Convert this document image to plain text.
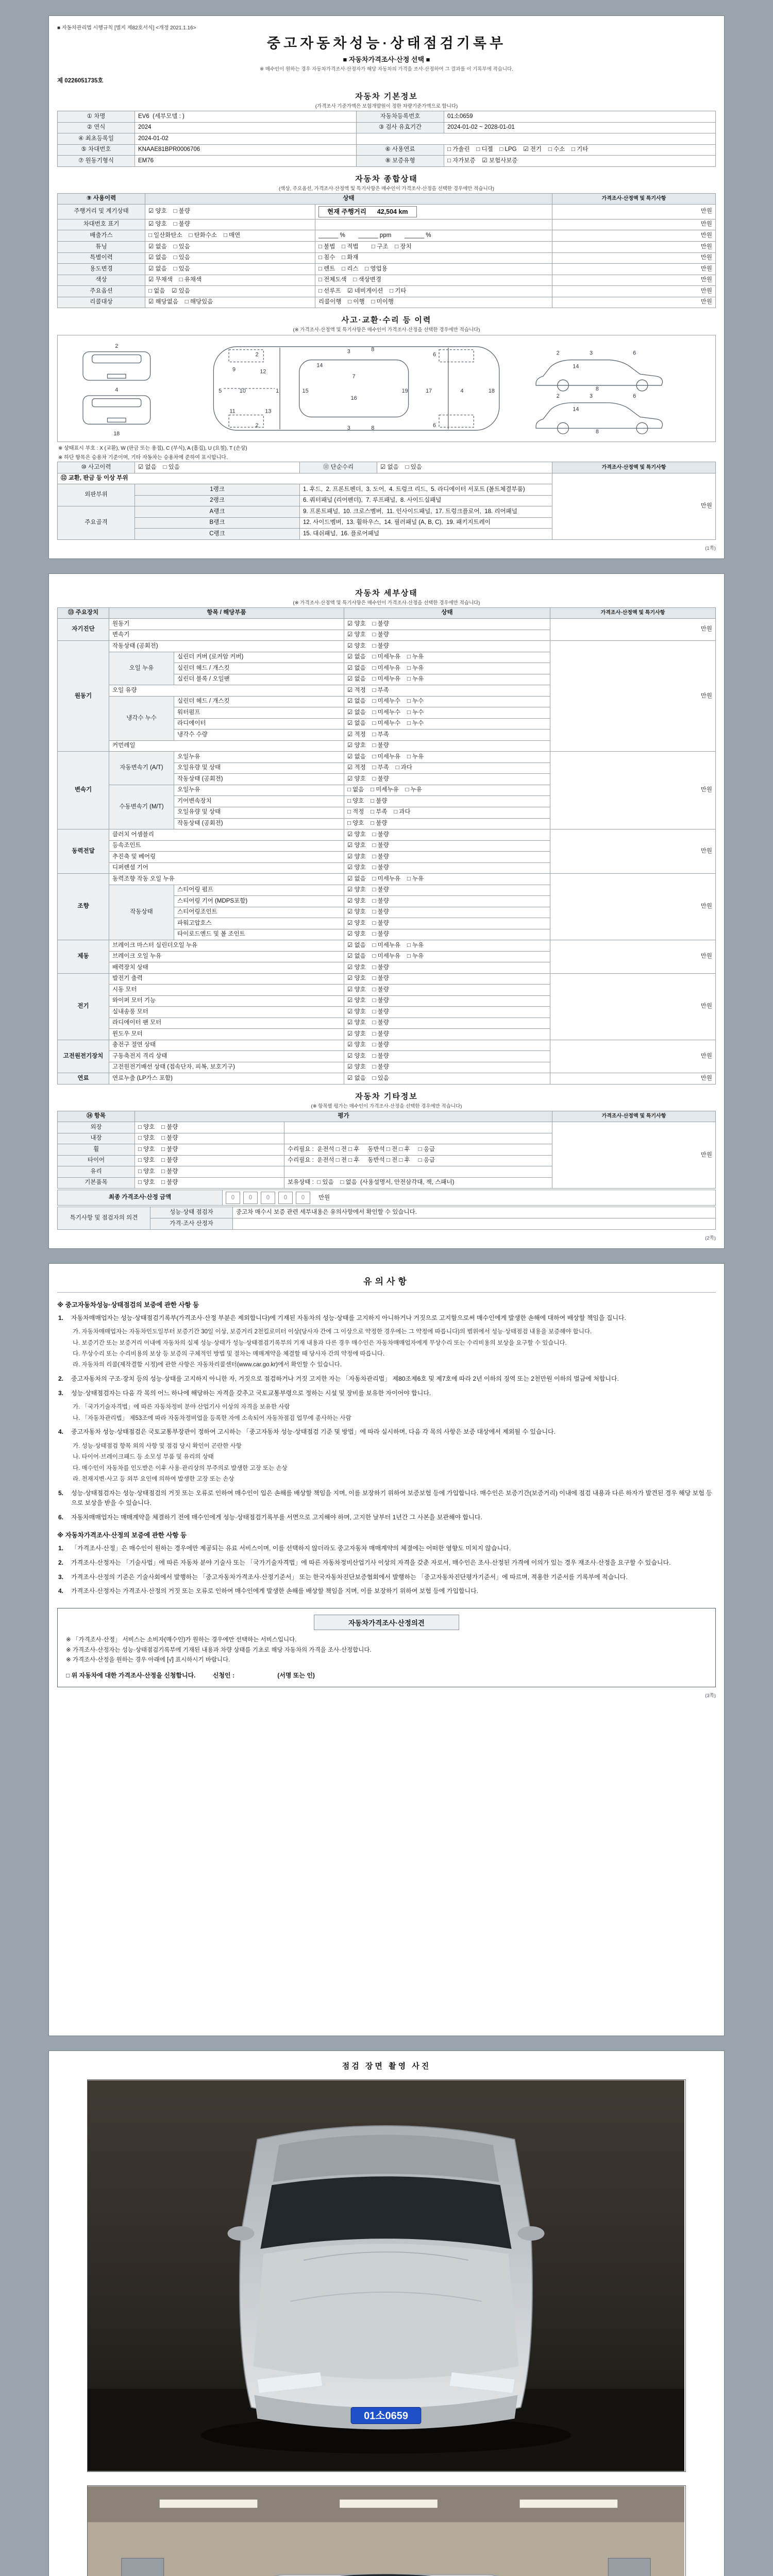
■ 자동차관리법 시행규칙 [별지 제82호서식] <개정 2021.1.16>
중고자동차성능·상태점검기록부
■ 자동차가격조사·산정 선택 ■
※ 매수인이 원하는 경우 자동차가격조사·산정자가 해당 자동차의 가격을 조사·산정하여 그 결과를 이 기록부에 적습니다.
제 0226051735호
자동차 기본정보
(가격조사 기준가액은 보험개발원이 정한 차량기준가액으로 합니다)
① 차명	EV6  (세부모델 : )	자동차등록번호	01소0659
② 연식	2024	③ 검사 유효기간	2024-01-02 ~ 2028-01-01
④ 최초등록일	2024-01-02		
⑤ 차대번호	KNAAE81BPR0006706	⑥ 사용연료	□ 가솔린    □ 디젤    □ LPG    ☑ 전기    □ 수소    □ 기타
⑦ 원동기형식	EM76	⑧ 보증유형	□ 자가보증    ☑ 보험사보증
자동차 종합상태
(색상, 주요옵션, 가격조사·산정액 및 특기사항은 매수인이 가격조사·산정을 선택한 경우에만 적습니다)
⑨ 사용이력	상태		가격조사·산정액 및 특기사항
주행거리 및 계기상태	☑ 양호    □ 불량	현재 주행거리      42,504 km	만원
차대번호 표기	☑ 양호    □ 불량		만원
배출가스	□ 일산화탄소    □ 탄화수소    □ 매연	______ %        ______ ppm        ______ %	만원
튜닝	☑ 없음    □ 있음	□ 불법    □ 적법        □ 구조    □ 장치	만원
특별이력	☑ 없음    □ 있음	□ 침수    □ 화재	만원
용도변경	☑ 없음    □ 있음	□ 렌트    □ 리스    □ 영업용	만원
색상	☑ 무채색    □ 유채색	□ 전체도색    □ 색상변경	만원
주요옵션	□ 없음    ☑ 있음	□ 선루프    ☑ 네비게이션    □ 기타	만원
리콜대상	☑ 해당없음    □ 해당있음	리콜이행    □ 이행    □ 미이행	만원
사고·교환·수리 등 이력
(※ 가격조사·산정액 및 특기사항은 매수인이 가격조사·산정을 선택한 경우에만 적습니다)
1
2
2
3
3
4
5
6
6
7
8
8
9
10
11
12
13
14
15
16
17	18
19
2
4
18
2	3	6
14
8
2	3	6
14
8
※ 상태표시 부호 : X (교환), W (판금 또는 용접), C (부식), A (흠집), U (요철), T (손상)
※ 하단 항목은 승용차 기준이며, 기타 자동차는 승용차에 준하여 표시합니다.
⑩ 사고이력	☑ 없음    □ 있음	⑪ 단순수리	☑ 없음    □ 있음	가격조사·산정액 및 특기사항
⑫ 교환, 판금 등 이상 부위				만원
외판부위	1랭크	1. 후드,  2. 프론트펜더,  3. 도어,  4. 트렁크 리드,  5. 라디에이터 서포트 (볼트체결부품)		
	2랭크	6. 쿼터패널 (리어펜더),  7. 루프패널,  8. 사이드실패널		
주요골격	A랭크	9. 프론트패널,  10. 크로스멤버,  11. 인사이드패널,  17. 트렁크플로어,  18. 리어패널		
	B랭크	12. 사이드멤버,  13. 휠하우스,  14. 필러패널 (A, B, C),  19. 패키지트레이		
	C랭크	15. 대쉬패널,  16. 플로어패널		
(1쪽)
자동차 세부상태
(※ 가격조사·산정액 및 특기사항은 매수인이 가격조사·산정을 선택한 경우에만 적습니다)
⑬ 주요장치	항목 / 해당부품		상태	가격조사·산정액 및 특기사항
자기진단	원동기		☑ 양호    □ 불량	만원
	변속기		☑ 양호    □ 불량	
원동기	작동상태 (공회전)		☑ 양호    □ 불량	만원
	오일 누유	실린더 커버 (로커암 커버)	☑ 없음    □ 미세누유    □ 누유	
		실린더 헤드 / 개스킷	☑ 없음    □ 미세누유    □ 누유	
		실린더 블록 / 오일팬	☑ 없음    □ 미세누유    □ 누유	
	오일 유량		☑ 적정    □ 부족	
	냉각수 누수	실린더 헤드 / 개스킷	☑ 없음    □ 미세누수    □ 누수	
		워터펌프	☑ 없음    □ 미세누수    □ 누수	
		라디에이터	☑ 없음    □ 미세누수    □ 누수	
		냉각수 수량	☑ 적정    □ 부족	
	커먼레일		☑ 양호    □ 불량	
변속기	자동변속기 (A/T)	오일누유	☑ 없음    □ 미세누유    □ 누유	만원
		오일유량 및 상태	☑ 적정    □ 부족    □ 과다	
		작동상태 (공회전)	☑ 양호    □ 불량	
	수동변속기 (M/T)	오일누유	□ 없음    □ 미세누유    □ 누유	
		기어변속장치	□ 양호    □ 불량	
		오일유량 및 상태	□ 적정    □ 부족    □ 과다	
		작동상태 (공회전)	□ 양호    □ 불량	
동력전달	클러치 어셈블리		☑ 양호    □ 불량	만원
	등속조인트		☑ 양호    □ 불량	
	추진축 및 베어링		☑ 양호    □ 불량	
	디퍼렌셜 기어		☑ 양호    □ 불량	
조향	동력조향 작동 오일 누유		☑ 없음    □ 미세누유    □ 누유	만원
	작동상태	스티어링 펌프	☑ 양호    □ 불량	
		스티어링 기어 (MDPS포함)	☑ 양호    □ 불량	
		스티어링조인트	☑ 양호    □ 불량	
		파워고압호스	☑ 양호    □ 불량	
		타이로드엔드 및 볼 조인트	☑ 양호    □ 불량	
제동	브레이크 마스터 실린더오일 누유		☑ 없음    □ 미세누유    □ 누유	만원
	브레이크 오일 누유		☑ 없음    □ 미세누유    □ 누유	
	배력장치 상태		☑ 양호    □ 불량	
전기	발전기 출력		☑ 양호    □ 불량	만원
	시동 모터		☑ 양호    □ 불량	
	와이퍼 모터 기능		☑ 양호    □ 불량	
	실내송풍 모터		☑ 양호    □ 불량	
	라디에이터 팬 모터		☑ 양호    □ 불량	
	윈도우 모터		☑ 양호    □ 불량	
고전원전기장치	충전구 절연 상태		☑ 양호    □ 불량	만원
	구동축전지 격리 상태		☑ 양호    □ 불량	
	고전원전기배선 상태 (접속단자, 피복, 보호기구)		☑ 양호    □ 불량	
연료	연료누출 (LP가스 포함)		☑ 없음    □ 있음	만원
자동차 기타정보
(※ 항목별 평가는 매수인이 가격조사·산정을 선택한 경우에만 적습니다)
⑭ 항목	평가		가격조사·산정액 및 특기사항
외장	□ 양호    □ 불량		만원
내장	□ 양호    □ 불량		
휠	□ 양호    □ 불량	수리필요 :  운전석 □ 전 □ 후     동반석 □ 전 □ 후     □ 응급	
타이어	□ 양호    □ 불량	수리필요 :  운전석 □ 전 □ 후     동반석 □ 전 □ 후     □ 응급	
유리	□ 양호    □ 불량		
기본품목	□ 양호    □ 불량	보유상태 :  □ 있음    □ 없음  (사용설명서, 안전삼각대, 잭, 스패너)	
최종 가격조사·산정 금액	0 0 0 0 0 만원
특기사항 및 점검자의 의견	성능·상태 점검자	중고차 매수시 보증 관련 세부내용은 유의사항에서 확인할 수 있습니다.
	가격·조사 산정자	
(2쪽)
유의사항
※ 중고자동차성능·상태점검의 보증에 관한 사항 등
1.	자동차매매업자는 성능·상태점검기록부(가격조사·산정 부분은 제외합니다)에 기재된 자동차의 성능·상태를 고지하지 아니하거나 거짓으로 고지함으로써 매수인에게 발생한 손해에 대하여 배상할 책임을 집니다.
가. 자동차매매업자는 자동차인도일부터 보증기간 30일 이상, 보증거리 2천킬로미터 이상(당사자 간에 그 이상으로 약정한 경우에는 그 약정에 따릅니다)의 범위에서 성능·상태점검 내용을 보증해야 합니다.
나. 보증기간 또는 보증거리 이내에 자동차의 실제 성능·상태가 성능·상태점검기록부의 기재 내용과 다른 경우 매수인은 자동차매매업자에게 무상수리 또는 수리비용의 보상을 요구할 수 있습니다.
다. 무상수리 또는 수리비용의 보상 등 보증의 구체적인 방법 및 절차는 매매계약을 체결할 때 당사자 간의 약정에 따릅니다.
라. 자동차의 리콜(제작결함 시정)에 관한 사항은 자동차리콜센터(www.car.go.kr)에서 확인할 수 있습니다.
2.	중고자동차의 구조·장치 등의 성능·상태를 고지하지 아니한 자, 거짓으로 점검하거나 거짓 고지한 자는 「자동차관리법」 제80조제6호 및 제7호에 따라 2년 이하의 징역 또는 2천만원 이하의 벌금에 처합니다.
3.	성능·상태점검자는 다음 각 목의 어느 하나에 해당하는 자격을 갖추고 국토교통부령으로 정하는 시설 및 장비를 보유한 자이어야 합니다.
가. 「국가기술자격법」에 따른 자동차정비 분야 산업기사 이상의 자격을 보유한 사람
나. 「자동차관리법」 제53조에 따라 자동차정비업을 등록한 자에 소속되어 자동차점검 업무에 종사하는 사람
4.	중고자동차 성능·상태점검은 국토교통부장관이 정하여 고시하는 「중고자동차 성능·상태점검 기준 및 방법」에 따라 실시하며, 다음 각 목의 사항은 보증 대상에서 제외될 수 있습니다.
가. 성능·상태점검 항목 외의 사항 및 점검 당시 확인이 곤란한 사항
나. 타이어·브레이크패드 등 소모성 부품 및 유리의 상태
다. 매수인이 자동차를 인도받은 이후 사용·관리상의 부주의로 발생한 고장 또는 손상
라. 천재지변·사고 등 외부 요인에 의하여 발생한 고장 또는 손상
5.	성능·상태점검자는 성능·상태점검의 거짓 또는 오류로 인하여 매수인이 입은 손해를 배상할 책임을 지며, 이를 보장하기 위하여 보증보험 등에 가입합니다. 매수인은 보증기간(보증거리) 이내에 점검 내용과 다른 하자가 발견된 경우 해당 보험 등으로 보상을 받을 수 있습니다.
6.	자동차매매업자는 매매계약을 체결하기 전에 매수인에게 성능·상태점검기록부를 서면으로 고지해야 하며, 고지한 날부터 1년간 그 사본을 보관해야 합니다.
※ 자동차가격조사·산정의 보증에 관한 사항 등
1.	「가격조사·산정」은 매수인이 원하는 경우에만 제공되는 유료 서비스이며, 이를 선택하지 않더라도 중고자동차 매매계약의 체결에는 어떠한 영향도 미치지 않습니다.
2.	가격조사·산정자는 「기술사법」에 따른 자동차 분야 기술사 또는 「국가기술자격법」에 따른 자동차정비산업기사 이상의 자격을 갖춘 자로서, 매수인은 조사·산정된 가격에 이의가 있는 경우 재조사·산정을 요구할 수 있습니다.
3.	가격조사·산정의 기준은 기술사회에서 발행하는 「중고자동차가격조사·산정기준서」 또는 한국자동차진단보증협회에서 발행하는 「중고자동차진단평가기준서」에 따르며, 적용한 기준서를 기록부에 적습니다.
4.	가격조사·산정자는 가격조사·산정의 거짓 또는 오류로 인하여 매수인에게 발생한 손해를 배상할 책임을 지며, 이를 보장하기 위하여 보험 등에 가입합니다.
자동차가격조사·산정의견
※ 「가격조사·산정」 서비스는 소비자(매수인)가 원하는 경우에만 선택하는 서비스입니다.
※ 가격조사·산정자는 성능·상태점검기록부에 기재된 내용과 차량 상태를 기초로 해당 자동차의 가격을 조사·산정합니다.
※ 가격조사·산정을 원하는 경우 아래에 [√] 표시하시기 바랍니다.
□ 위 자동차에 대한 가격조사·산정을 신청합니다.          신청인 :                         (서명 또는 인)
(3쪽)
점검 장면 촬영 사진
01소0659
